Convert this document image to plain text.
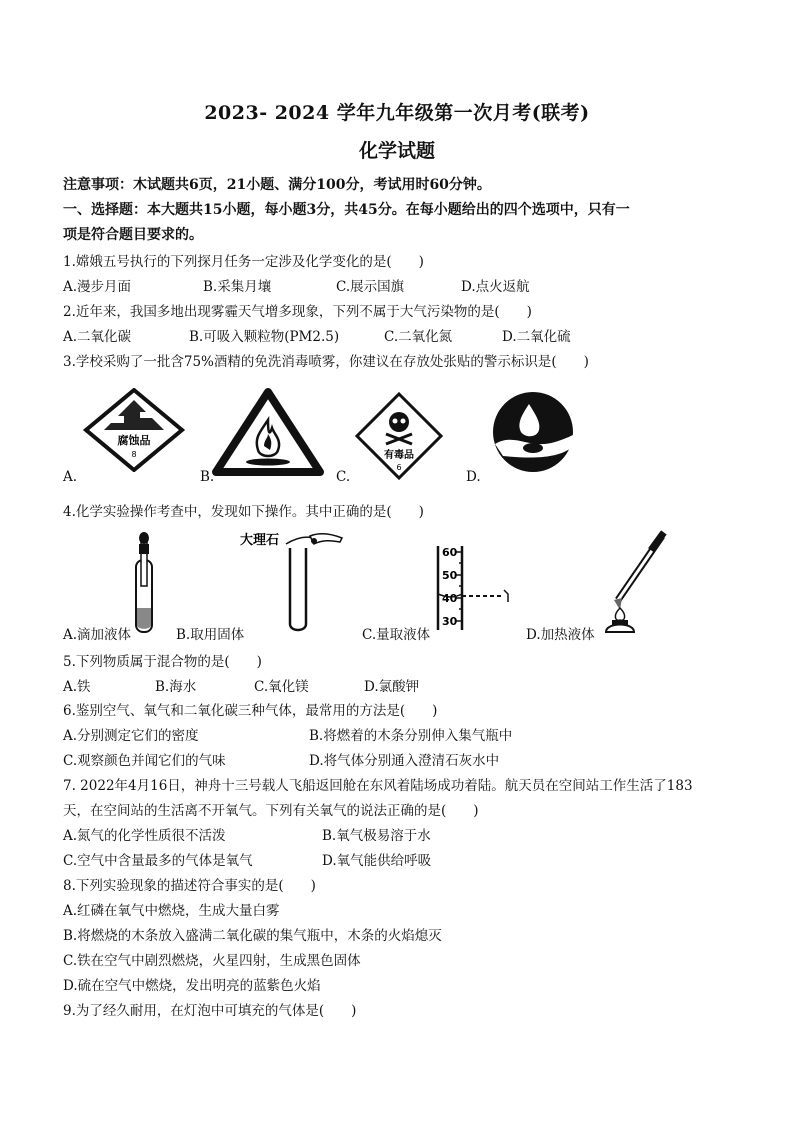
2023- 2024 学年九年级第一次月考(联考)
化学试题
注意事项：木试题共6页，21小题、满分100分，考试用时60分钟。
一、选择题：本大题共15小题，每小题3分，共45分。在每小题给出的四个选项中，只有一
项是符合题目要求的。
1.嫦娥五号执行的下列探月任务一定涉及化学变化的是(　　)
A.漫步月面	B.采集月壤	C.展示国旗	D.点火返航
2.近年来，我国多地出现雾霾天气增多现象，下列不属于大气污染物的是(　　)
A.二氧化碳	B.可吸入颗粒物(PM2.5)	C.二氧化氮	D.二氧化硫
3.学校采购了一批含75%酒精的免洗消毒喷雾，你建议在存放处张贴的警示标识是(　　)
腐蚀品
8
A.	B.
有毒品
6
C.	D.
4.化学实验操作考查中，发现如下操作。其中正确的是(　　)
A.滴加液体
大理石
B.取用固体
60
50
40
30
C.量取液体	D.加热液体
5.下列物质属于混合物的是(　　)
A.铁	B.海水	C.氧化镁	D.氯酸钾
6.鉴别空气、氧气和二氧化碳三种气体，最常用的方法是(　　)
A.分别测定它们的密度	B.将燃着的木条分别伸入集气瓶中
C.观察颜色并闻它们的气味	D.将气体分别通入澄清石灰水中
7. 2022年4月16日，神舟十三号载人飞船返回舱在东风着陆场成功着陆。航天员在空间站工作生活了183
天，在空间站的生活离不开氧气。下列有关氧气的说法正确的是(　　)
A.氮气的化学性质很不活泼	B.氧气极易溶于水
C.空气中含量最多的气体是氧气	D.氧气能供给呼吸
8.下列实验现象的描述符合事实的是(　　)
A.红磷在氧气中燃烧，生成大量白雾
B.将燃烧的木条放入盛满二氧化碳的集气瓶中，木条的火焰熄灭
C.铁在空气中剧烈燃烧，火星四射，生成黑色固体
D.硫在空气中燃烧，发出明亮的蓝紫色火焰
9.为了经久耐用，在灯泡中可填充的气体是(　　)
